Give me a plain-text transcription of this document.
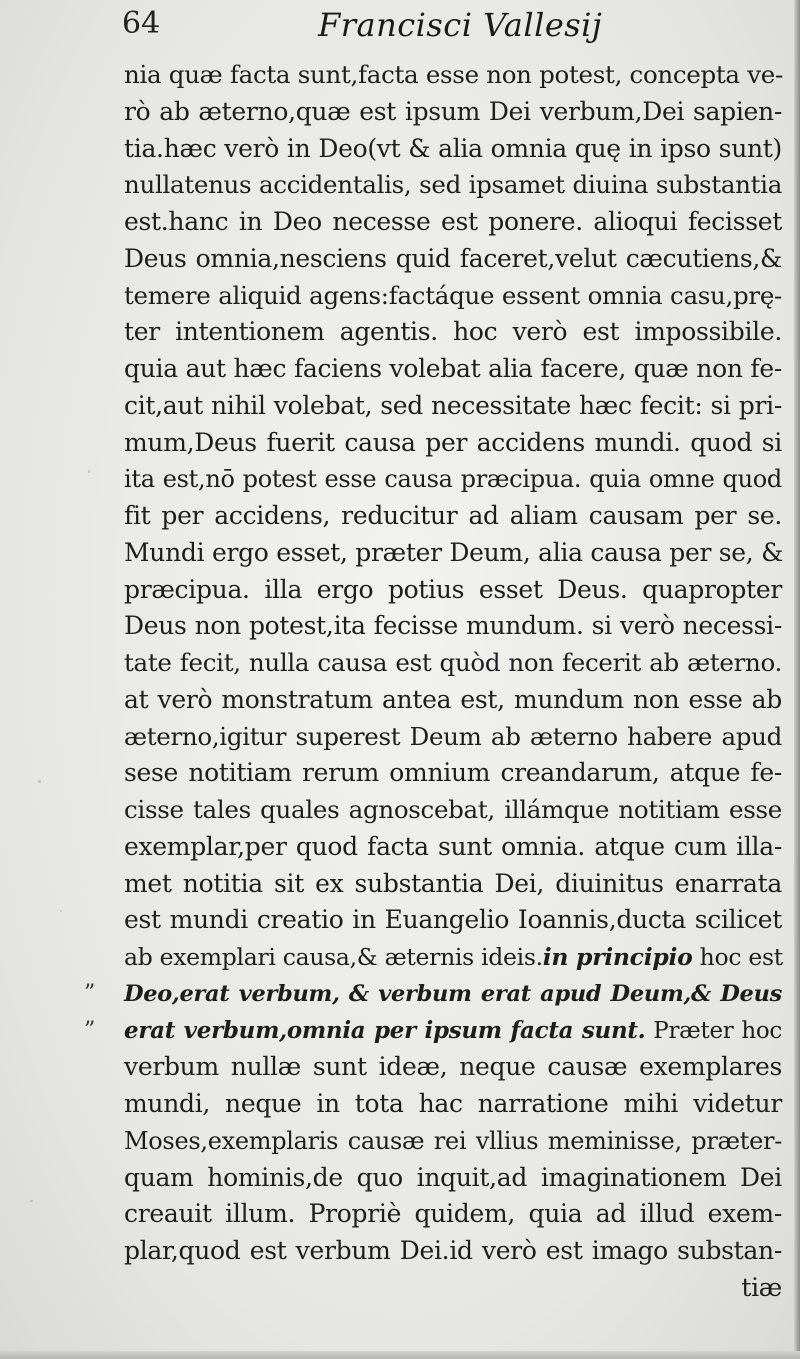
64	Francisci Vallesij
nia quæ facta sunt,facta esse non potest, concepta ve-
rò ab æterno,quæ est ipsum Dei verbum,Dei sapien-
tia.hæc verò in Deo(vt & alia omnia quę in ipso sunt)
nullatenus accidentalis, sed ipsamet diuina substantia
est.hanc in Deo necesse est ponere. alioqui fecisset
Deus omnia,nesciens quid faceret,velut cæcutiens,&
temere aliquid agens:factáque essent omnia casu,prę-
ter intentionem agentis. hoc verò est impossibile.
quia aut hæc faciens volebat alia facere, quæ non fe-
cit,aut nihil volebat, sed necessitate hæc fecit: si pri-
mum,Deus fuerit causa per accidens mundi. quod si
ita est,nō potest esse causa præcipua. quia omne quod
fit per accidens, reducitur ad aliam causam per se.
Mundi ergo esset, præter Deum, alia causa per se, &
præcipua. illa ergo potius esset Deus. quapropter
Deus non potest,ita fecisse mundum. si verò necessi-
tate fecit, nulla causa est quòd non fecerit ab æterno.
at verò monstratum antea est, mundum non esse ab
æterno,igitur superest Deum ab æterno habere apud
sese notitiam rerum omnium creandarum, atque fe-
cisse tales quales agnoscebat, illámque notitiam esse
exemplar,per quod facta sunt omnia. atque cum illa-
met notitia sit ex substantia Dei, diuinitus enarrata
est mundi creatio in Euangelio Ioannis,ducta scilicet
ab exemplari causa,& æternis ideis.in principio hoc est
” Deo,erat verbum, & verbum erat apud Deum,& Deus
” erat verbum,omnia per ipsum facta sunt. Præter hoc
verbum nullæ sunt ideæ, neque causæ exemplares
mundi, neque in tota hac narratione mihi videtur
Moses,exemplaris causæ rei vllius meminisse, præter-
quam hominis,de quo inquit,ad imaginationem Dei
creauit illum. Propriè quidem, quia ad illud exem-
plar,quod est verbum Dei.id verò est imago substan-
tiæ
